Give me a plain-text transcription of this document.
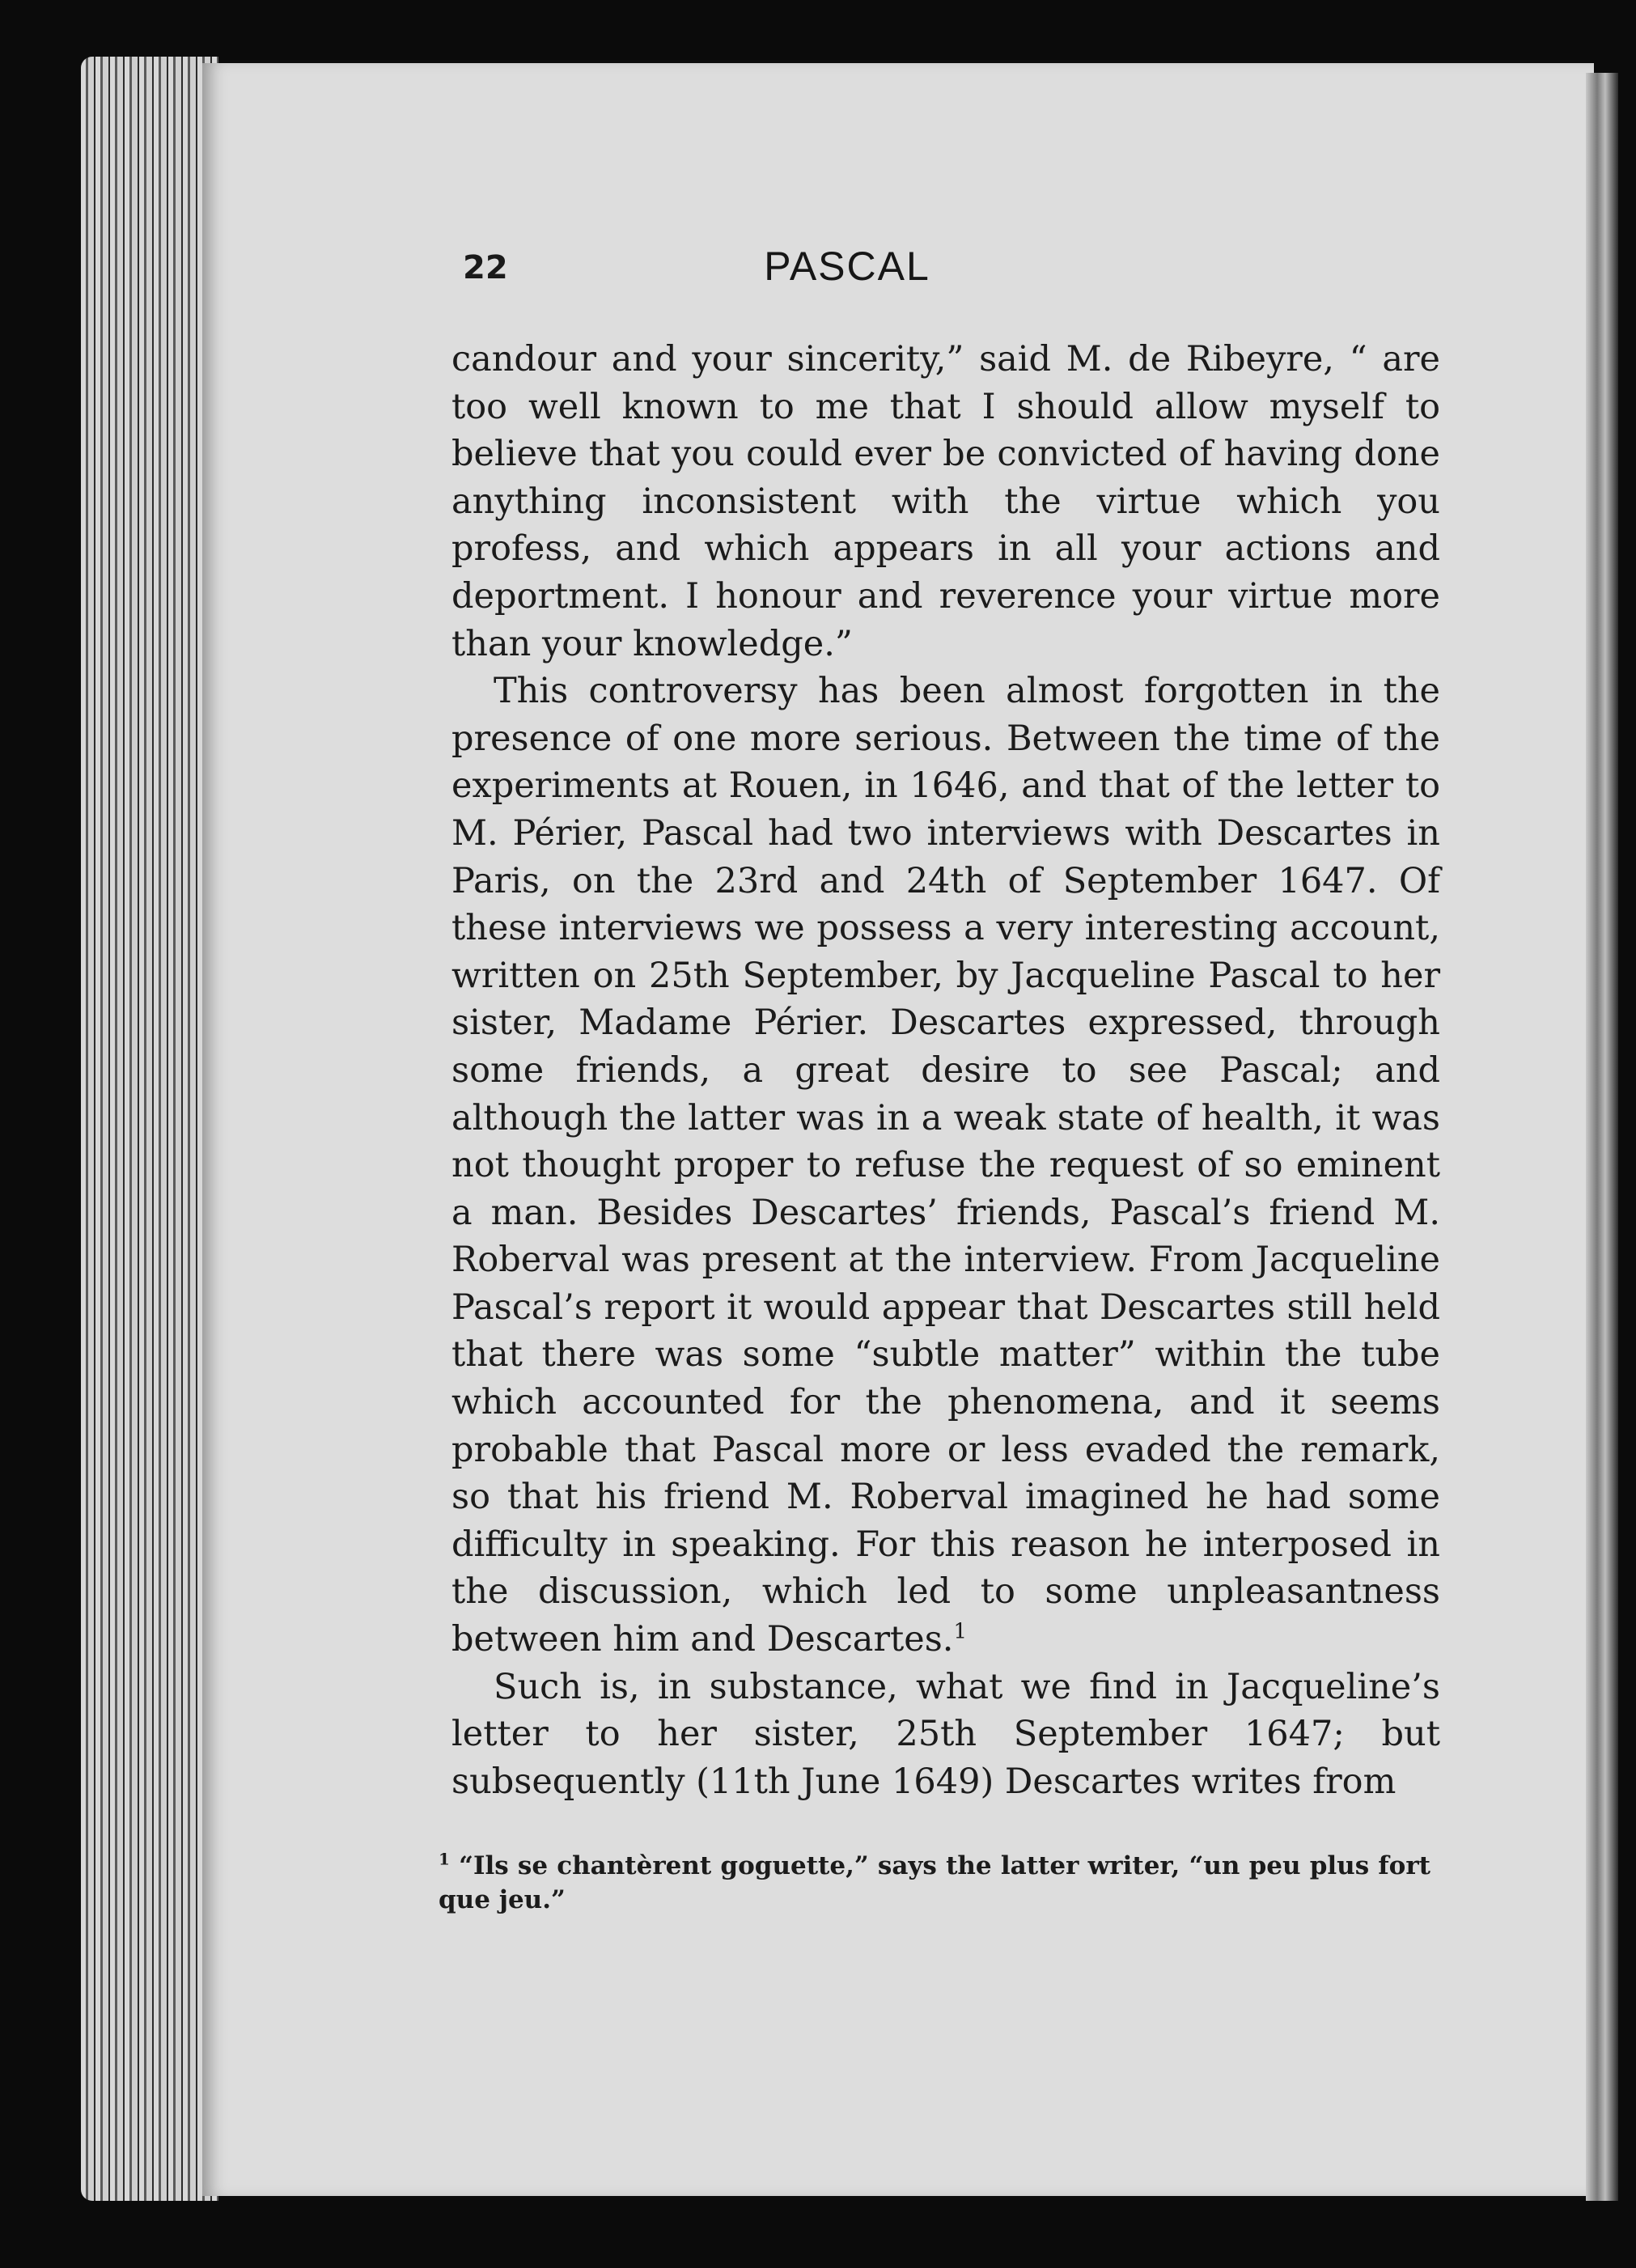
22	PASCAL

candour and your sincerity,” said M. de Ribeyre, “ are too well known to me that I should allow myself to believe that you could ever be convicted of having done anything inconsistent with the virtue which you profess, and which appears in all your actions and deportment. I honour and reverence your virtue more than your knowledge.”

This controversy has been almost forgotten in the presence of one more serious. Between the time of the experiments at Rouen, in 1646, and that of the letter to M. Périer, Pascal had two interviews with Descartes in Paris, on the 23rd and 24th of September 1647. Of these interviews we possess a very interesting account, written on 25th September, by Jacqueline Pascal to her sister, Madame Périer. Descartes expressed, through some friends, a great desire to see Pascal; and although the latter was in a weak state of health, it was not thought proper to refuse the request of so eminent a man. Besides Descartes’ friends, Pascal’s friend M. Roberval was present at the interview. From Jacqueline Pascal’s report it would appear that Descartes still held that there was some “subtle matter” within the tube which accounted for the phenomena, and it seems probable that Pascal more or less evaded the remark, so that his friend M. Roberval imagined he had some difficulty in speaking. For this reason he interposed in the discussion, which led to some unpleasantness between him and Descartes.$^1$

Such is, in substance, what we find in Jacqueline’s letter to her sister, 25th September 1647; but subsequently (11th June 1649) Descartes writes from

$^1$ “Ils se chantèrent goguette,” says the latter writer, “un peu plus fort que jeu.”
